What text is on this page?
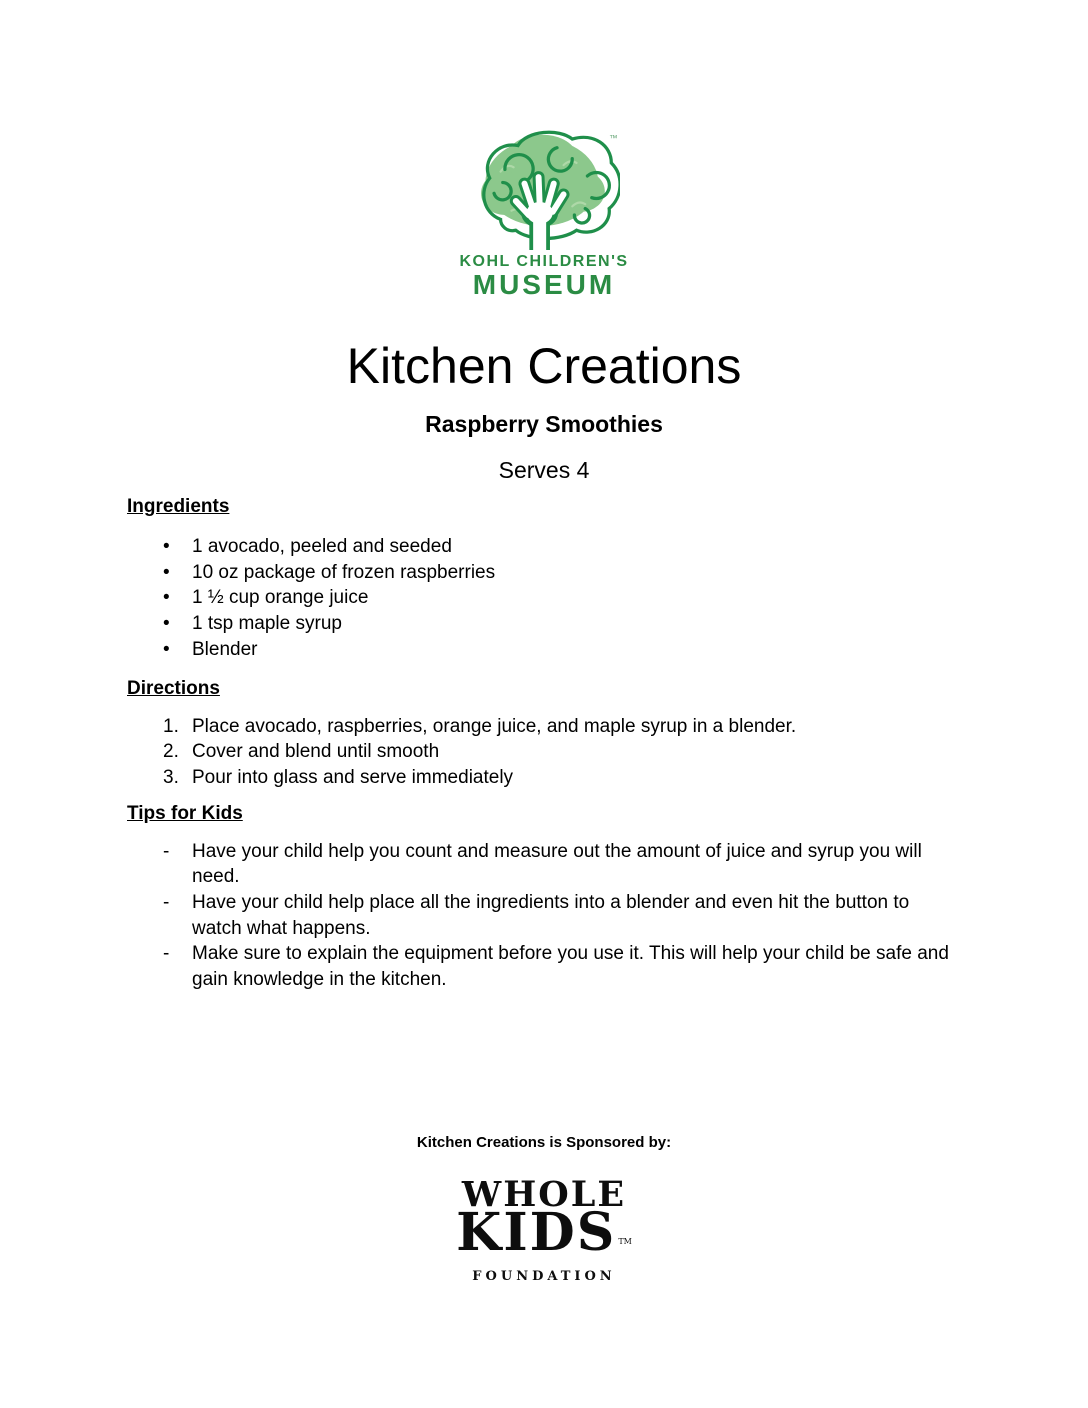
™
KOHL CHILDREN'S
MUSEUM
Kitchen Creations
Raspberry Smoothies
Serves 4
Ingredients
• 1 avocado, peeled and seeded
• 10 oz package of frozen raspberries
• 1 ½ cup orange juice
• 1 tsp maple syrup
• Blender
Directions
Place avocado, raspberries, orange juice, and maple syrup in a blender.
Cover and blend until smooth
Pour into glass and serve immediately
Tips for Kids
- Have your child help you count and measure out the amount of juice and syrup you will need.
- Have your child help place all the ingredients into a blender and even hit the button to watch what happens.
- Make sure to explain the equipment before you use it. This will help your child be safe and gain knowledge in the kitchen.
Kitchen Creations is Sponsored by:
WHOLE
KIDS TM
FOUNDATION
